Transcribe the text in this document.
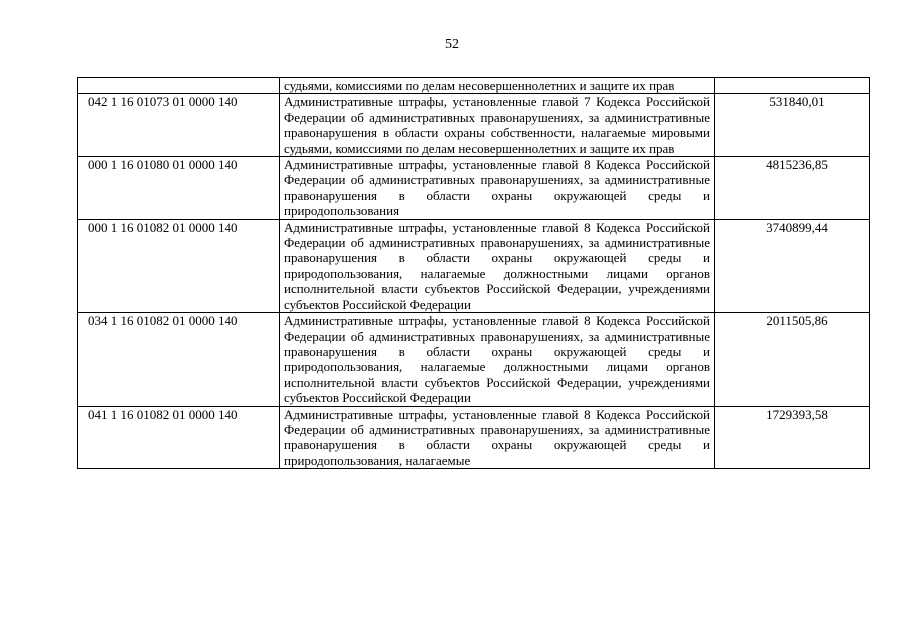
52
	судьями, комиссиями по делам несовершеннолетних и защите их прав	
042 1 16 01073 01 0000 140	Административные штрафы, установленные главой 7 Кодекса Российской Федерации об административных правонарушениях, за административные правонарушения в области охраны собственности, налагаемые мировыми судьями, комиссиями по делам несовершеннолетних и защите их прав	531840,01
000 1 16 01080 01 0000 140	Административные штрафы, установленные главой 8 Кодекса Российской Федерации об административных правонарушениях, за административные правонарушения в области охраны окружающей среды и природопользования	4815236,85
000 1 16 01082 01 0000 140	Административные штрафы, установленные главой 8 Кодекса Российской Федерации об административных правонарушениях, за административные правонарушения в области охраны окружающей среды и природопользования, налагаемые должностными лицами органов исполнительной власти субъектов Российской Федерации, учреждениями субъектов Российской Федерации	3740899,44
034 1 16 01082 01 0000 140	Административные штрафы, установленные главой 8 Кодекса Российской Федерации об административных правонарушениях, за административные правонарушения в области охраны окружающей среды и природопользования, налагаемые должностными лицами органов исполнительной власти субъектов Российской Федерации, учреждениями субъектов Российской Федерации	2011505,86
041 1 16 01082 01 0000 140	Административные штрафы, установленные главой 8 Кодекса Российской Федерации об административных правонарушениях, за административные правонарушения в области охраны окружающей среды и природопользования, налагаемые	1729393,58
